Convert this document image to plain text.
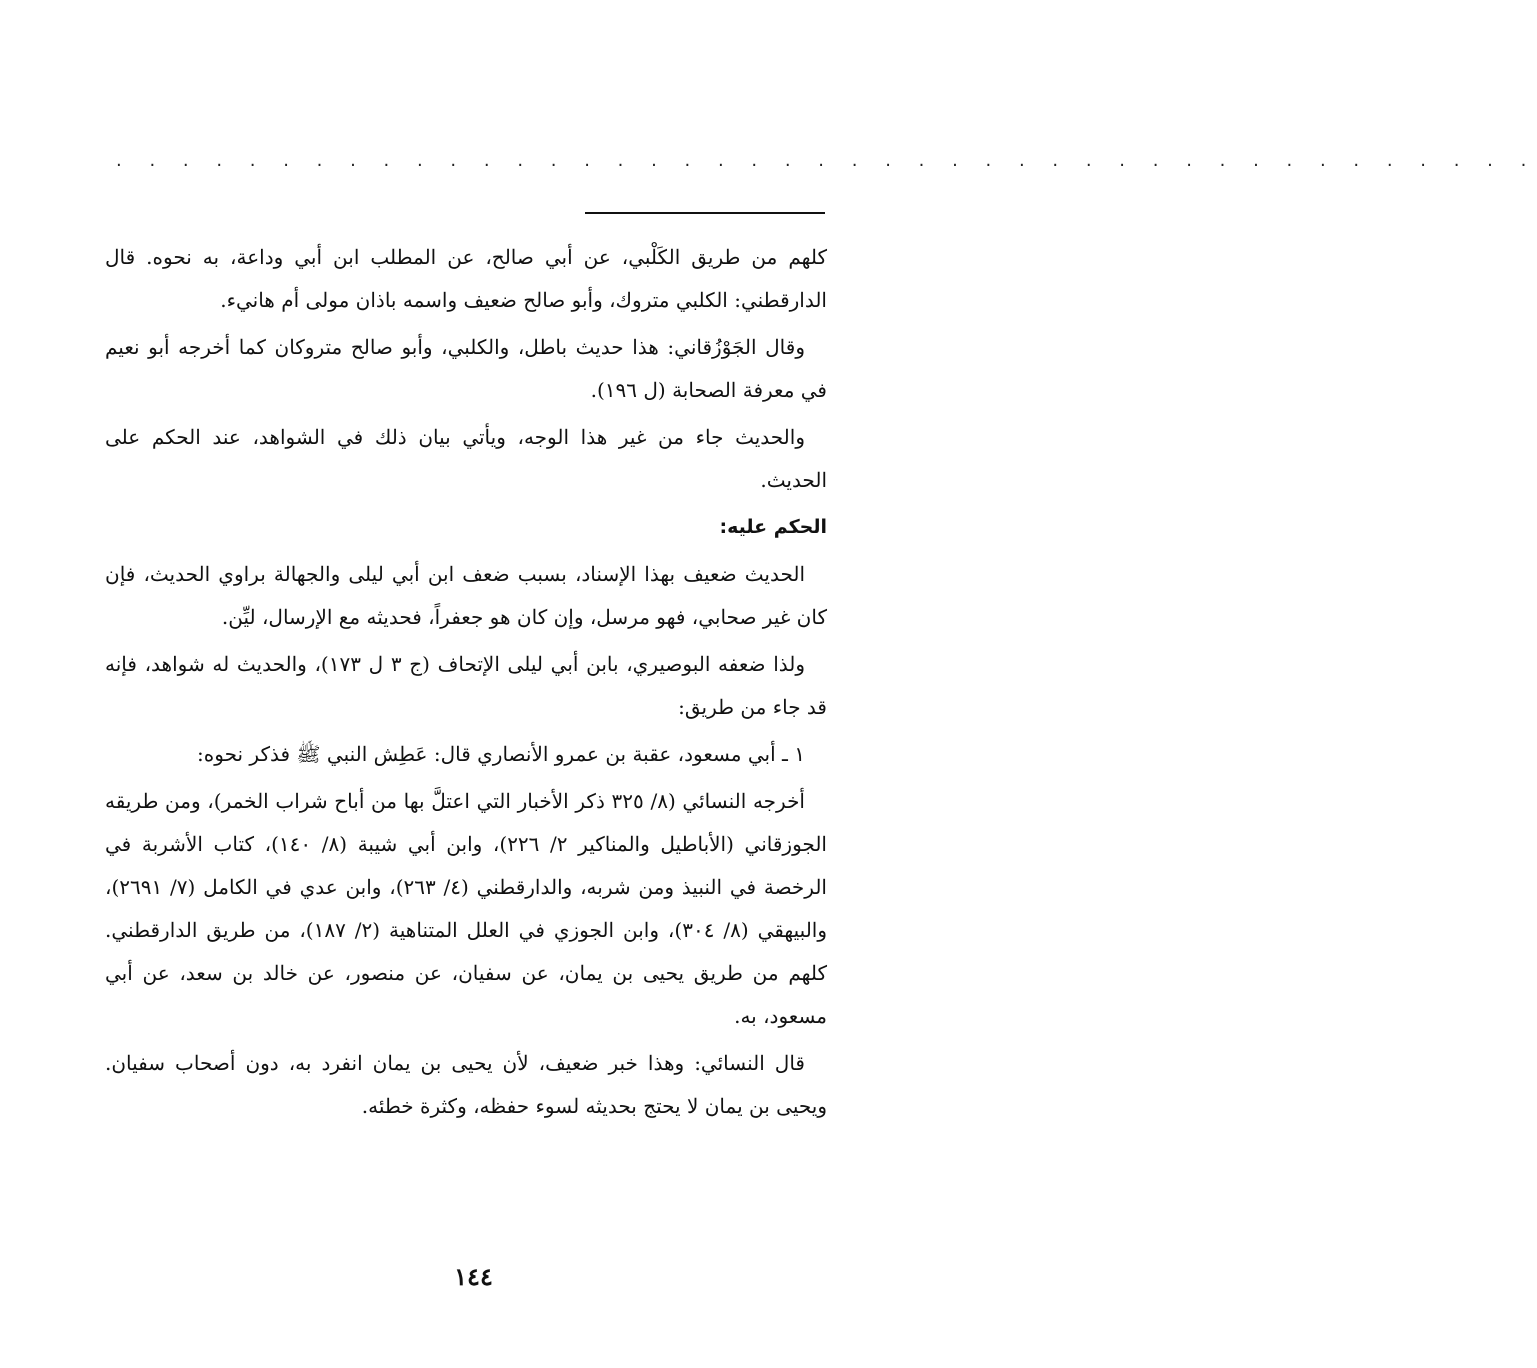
. . . . . . . . . . . . . . . . . . . . . . . . . . . . . . . . . . . . . . . . . . .

كلهم من طريق الكَلْبي، عن أبي صالح، عن المطلب ابن أبي وداعة، به نحوه. قال الدارقطني: الكلبي متروك، وأبو صالح ضعيف واسمه باذان مولى أم هانيء.

وقال الجَوْزُقاني: هذا حديث باطل، والكلبي، وأبو صالح متروكان كما أخرجه أبو نعيم في معرفة الصحابة (ل ١٩٦).

والحديث جاء من غير هذا الوجه، ويأتي بيان ذلك في الشواهد، عند الحكم على الحديث.

الحكم عليه:

الحديث ضعيف بهذا الإسناد، بسبب ضعف ابن أبي ليلى والجهالة براوي الحديث، فإن كان غير صحابي، فهو مرسل، وإن كان هو جعفراً، فحديثه مع الإرسال، ليِّن.

ولذا ضعفه البوصيري، بابن أبي ليلى الإتحاف (ج ٣ ل ١٧٣)، والحديث له شواهد، فإنه قد جاء من طريق:

١ ـ أبي مسعود، عقبة بن عمرو الأنصاري قال: عَطِش النبي ﷺ فذكر نحوه:

أخرجه النسائي (٨/ ٣٢٥ ذكر الأخبار التي اعتلَّ بها من أباح شراب الخمر)، ومن طريقه الجوزقاني (الأباطيل والمناكير ٢/ ٢٢٦)، وابن أبي شيبة (٨/ ١٤٠)، كتاب الأشربة في الرخصة في النبيذ ومن شربه، والدارقطني (٤/ ٢٦٣)، وابن عدي في الكامل (٧/ ٢٦٩١)، والبيهقي (٨/ ٣٠٤)، وابن الجوزي في العلل المتناهية (٢/ ١٨٧)، من طريق الدارقطني. كلهم من طريق يحيى بن يمان، عن سفيان، عن منصور، عن خالد بن سعد، عن أبي مسعود، به.

قال النسائي: وهذا خبر ضعيف، لأن يحيى بن يمان انفرد به، دون أصحاب سفيان. ويحيى بن يمان لا يحتج بحديثه لسوء حفظه، وكثرة خطئه.

١٤٤
